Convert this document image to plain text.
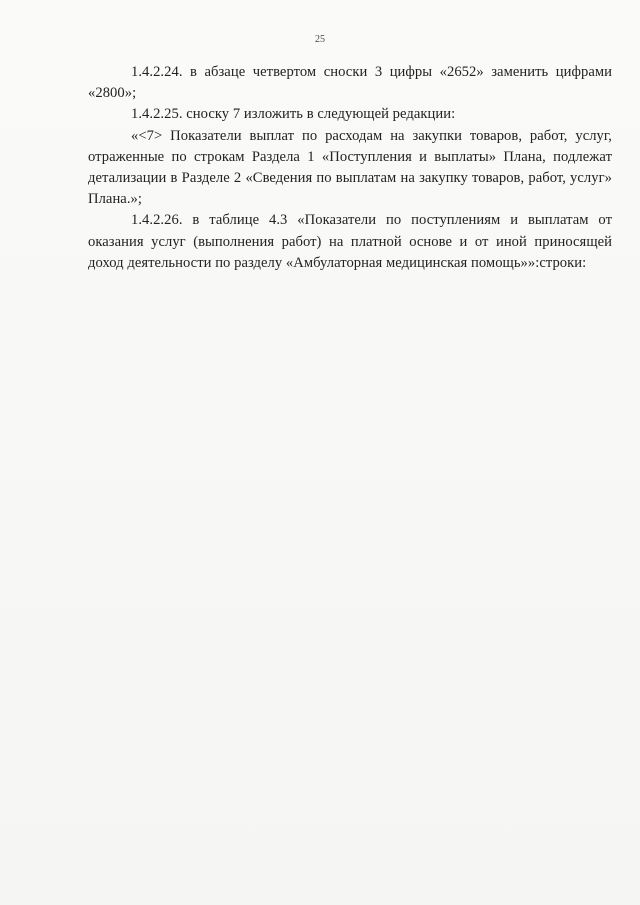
25

1.4.2.24. в абзаце четвертом сноски 3 цифры «2652» заменить цифрами «2800»;

1.4.2.25. сноску 7 изложить в следующей редакции:

«<7> Показатели выплат по расходам на закупки товаров, работ, услуг, отраженные по строкам Раздела 1 «Поступления и выплаты» Плана, подлежат детализации в Разделе 2 «Сведения по выплатам на закупку товаров, работ, услуг» Плана.»;

1.4.2.26. в таблице 4.3 «Показатели по поступлениям и выплатам от оказания услуг (выполнения работ) на платной основе и от иной приносящей доход деятельности по разделу «Амбулаторная медицинская помощь»»:строки:
